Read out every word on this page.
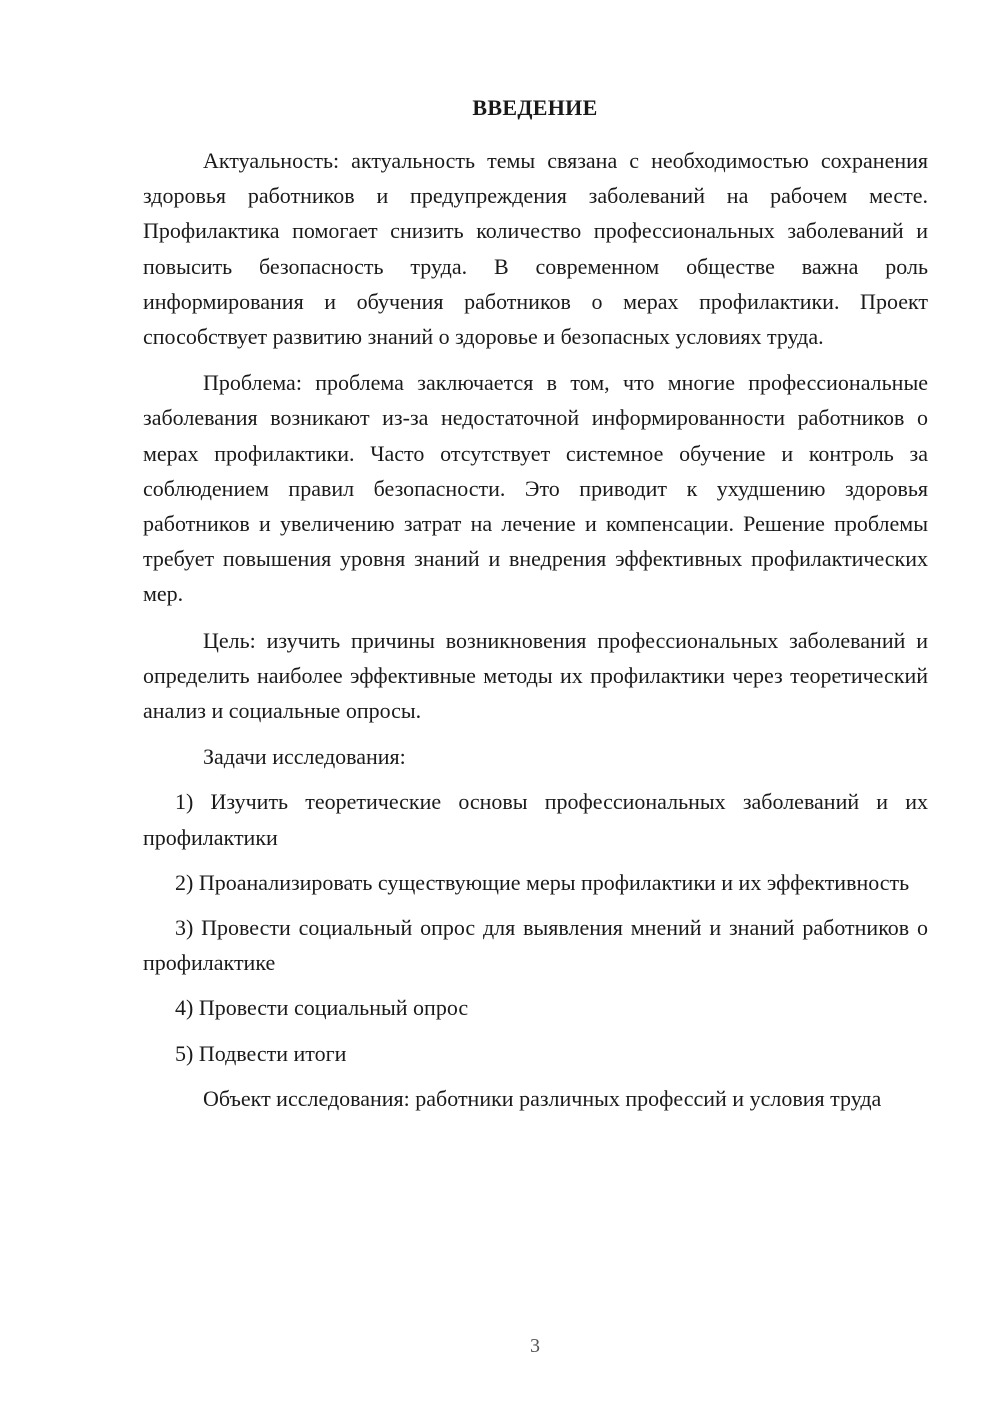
ВВЕДЕНИЕ

Актуальность: актуальность темы связана с необходимостью сохранения здоровья работников и предупреждения заболеваний на рабочем месте. Профилактика помогает снизить количество профессиональных заболеваний и повысить безопасность труда. В современном обществе важна роль информирования и обучения работников о мерах профилактики. Проект способствует развитию знаний о здоровье и безопасных условиях труда.

Проблема: проблема заключается в том, что многие профессиональные заболевания возникают из-за недостаточной информированности работников о мерах профилактики. Часто отсутствует системное обучение и контроль за соблюдением правил безопасности. Это приводит к ухудшению здоровья работников и увеличению затрат на лечение и компенсации. Решение проблемы требует повышения уровня знаний и внедрения эффективных профилактических мер.

Цель: изучить причины возникновения профессиональных заболеваний и определить наиболее эффективные методы их профилактики через теоретический анализ и социальные опросы.

Задачи исследования:

1) Изучить теоретические основы профессиональных заболеваний и их профилактики

2) Проанализировать существующие меры профилактики и их эффективность

3) Провести социальный опрос для выявления мнений и знаний работников о профилактике

4) Провести социальный опрос

5) Подвести итоги

Объект исследования: работники различных профессий и условия труда

3
